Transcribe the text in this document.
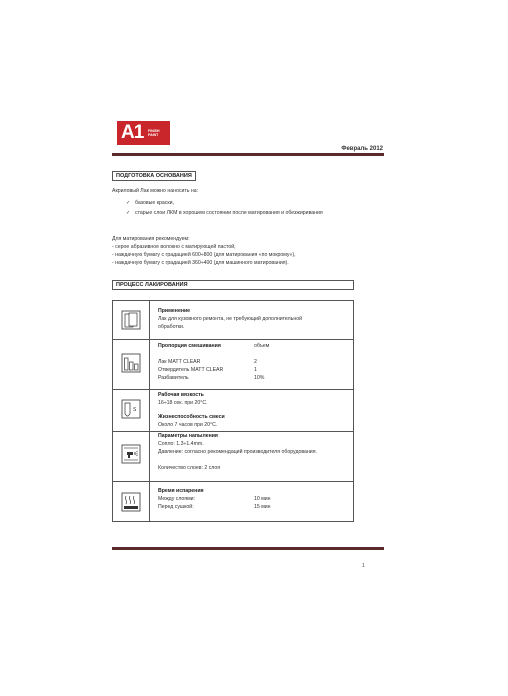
A1 FINISH
PAINT
Февраль 2012
ПОДГОТОВКА ОСНОВАНИЯ
Акриловый Лак можно наносить на:
✓ базовые краски,
✓ старые слои ЛКМ в хорошем состоянии после матирования и обезжиривания
Для матирования рекомендуем:
- серое абразивное волокно с матирующей пастой,
- наждачную бумагу с градацией 600÷800 (для матирования «по мокрому»),
- наждачную бумагу с градацией 360÷400 (для машинного матирования).
ПРОЦЕСС ЛАКИРОВАНИЯ
S
Применение
Лак для кузовного ремонта, не требующий дополнительной
обработки.
Пропорция смешивания	объем
Лак MATT CLEAR	2
Отвердитель MATT CLEAR	1
Разбавитель	10%
Рабочая вязкость
16÷18 сек. при 20°C.
Жизнеспособность смеси
Около 7 часов при 20°C.
Параметры напыления
Сопло: 1.3÷1.4mm.
Давление: согласно рекомендаций производителя оборудования.
Количество слоев: 2 слоя
Время испарения
Между слоями:	10 мин
Перед сушкой:	15 мин
1
